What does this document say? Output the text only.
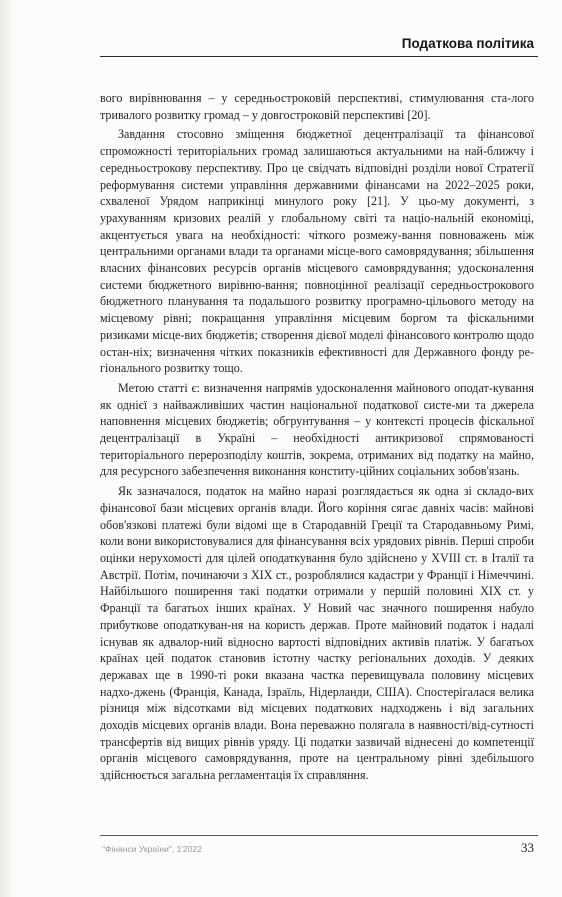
Податкова політика

вого вирівнювання – у середньостроковій перспективі, стимулювання ста-лого тривалого розвитку громад – у довгостроковій перспективі [20].

Завдання стосовно зміщення бюджетної децентралізації та фінансової спроможності територіальних громад залишаються актуальними на най-ближчу і середньострокову перспективу. Про це свідчать відповідні розділи нової Стратегії реформування системи управління державними фінансами на 2022–2025 роки, схваленої Урядом наприкінці минулого року [21]. У цьо-му документі, з урахуванням кризових реалій у глобальному світі та націо-нальній економіці, акцентується увага на необхідності: чіткого розмежу-вання повноважень між центральними органами влади та органами місце-вого самоврядування; збільшення власних фінансових ресурсів органів місцевого самоврядування; удосконалення системи бюджетного вирівню-вання; повноцінної реалізації середньострокового бюджетного планування та подальшого розвитку програмно-цільового методу на місцевому рівні; покращання управління місцевим боргом та фіскальними ризиками місце-вих бюджетів; створення дієвої моделі фінансового контролю щодо остан-ніх; визначення чітких показників ефективності для Державного фонду ре-гіонального розвитку тощо.

Метою статті є: визначення напрямів удосконалення майнового оподат-кування як однієї з найважливіших частин національної податкової систе-ми та джерела наповнення місцевих бюджетів; обгрунтування – у контексті процесів фіскальної децентралізації в Україні – необхідності антикризової спрямованості територіального перерозподілу коштів, зокрема, отриманих від податку на майно, для ресурсного забезпечення виконання конститу-ційних соціальних зобов'язань.

Як зазначалося, податок на майно наразі розглядається як одна зі складо-вих фінансової бази місцевих органів влади. Його коріння сягає давніх часів: майнові обов'язкові платежі були відомі ще в Стародавній Греції та Стародавньому Римі, коли вони використовувалися для фінансування всіх урядових рівнів. Перші спроби оцінки нерухомості для цілей оподаткування було здійснено у XVIII ст. в Італії та Австрії. Потім, починаючи з XIX ст., розроблялися кадастри у Франції і Німеччині. Найбільшого поширення такі податки отримали у першій половині XIX ст. у Франції та багатьох інших країнах. У Новий час значного поширення набуло прибуткове оподаткуван-ня на користь держав. Проте майновий податок і надалі існував як адвалор-ний відносно вартості відповідних активів платіж. У багатьох країнах цей податок становив істотну частку регіональних доходів. У деяких державах ще в 1990-ті роки вказана частка перевищувала половину місцевих надхо-джень (Франція, Канада, Ізраїль, Нідерланди, США). Спостерігалася велика різниця між відсотками від місцевих податкових надходжень і від загальних доходів місцевих органів влади. Вона переважно полягала в наявності/від-сутності трансфертів від вищих рівнів уряду. Ці податки зазвичай віднесені до компетенції органів місцевого самоврядування, проте на центральному рівні здебільшого здійснюється загальна регламентація їх справляння.

"Фінанси України", 1'2022	33
